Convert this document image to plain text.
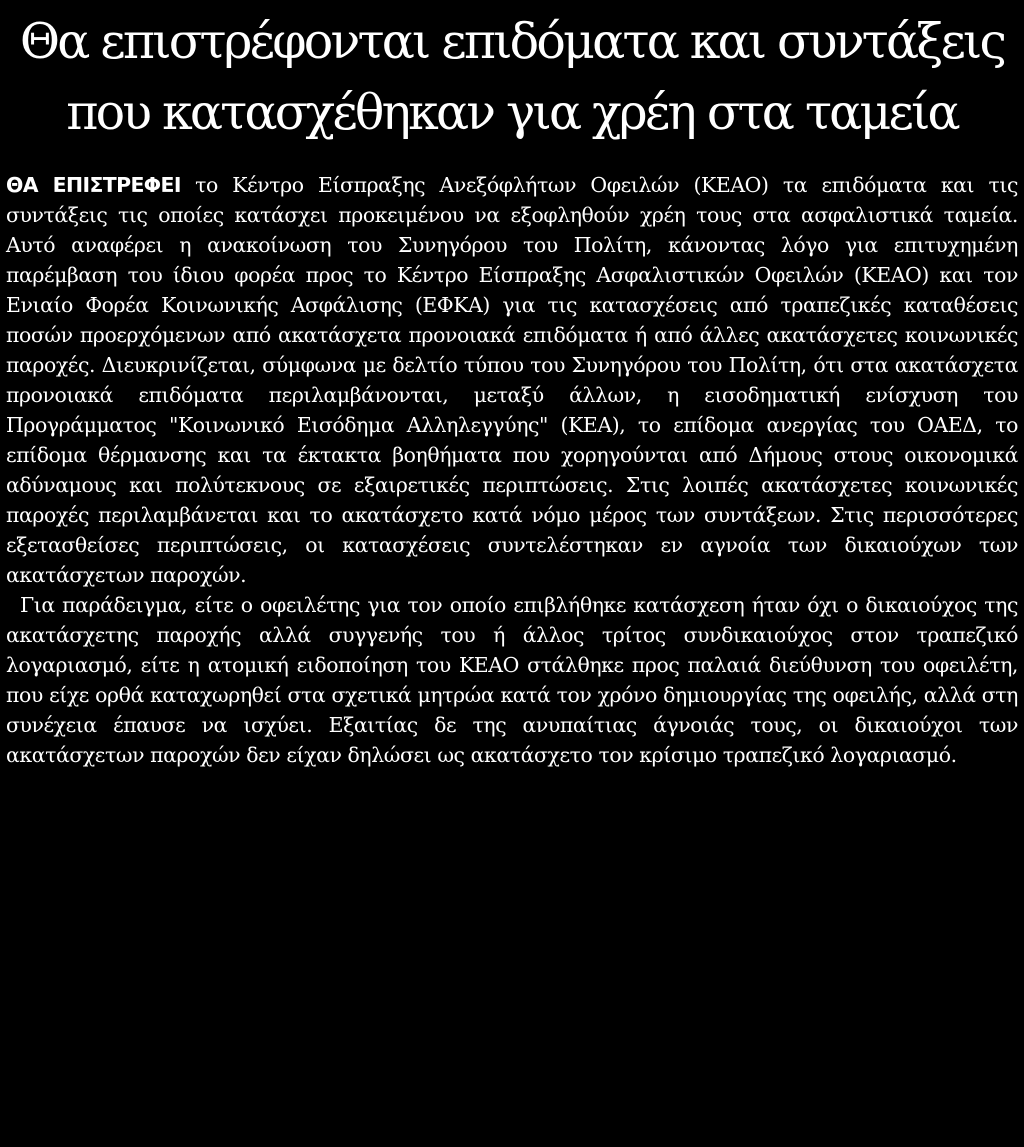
Θα επιστρέφονται επιδόματα και συντάξεις
που κατασχέθηκαν για χρέη στα ταμεία

ΘΑ ΕΠΙΣΤΡΕΦΕΙ το Κέντρο Είσπραξης Ανεξόφλήτων Οφειλών (ΚΕΑΟ) τα επιδόματα και τις συντάξεις τις οποίες κατάσχει προκειμένου να εξοφληθούν χρέη τους στα ασφαλιστικά ταμεία. Αυτό αναφέρει η ανακοίνωση του Συνηγόρου του Πολίτη, κάνοντας λόγο για επιτυχημένη παρέμβαση του ίδιου φορέα προς το Κέντρο Είσπραξης Ασφαλιστικών Οφειλών (ΚΕΑΟ) και τον Ενιαίο Φορέα Κοινωνικής Ασφάλισης (ΕΦΚΑ) για τις κατασχέσεις από τραπεζικές καταθέσεις ποσών προερχόμενων από ακατάσχετα προνοιακά επιδόματα ή από άλλες ακατάσχετες κοινωνικές παροχές. Διευκρινίζεται, σύμφωνα με δελτίο τύπου του Συνηγόρου του Πολίτη, ότι στα ακατάσχετα προνοιακά επιδόματα περιλαμβάνονται, μεταξύ άλλων, η εισοδηματική ενίσχυση του Προγράμματος "Κοινωνικό Εισόδημα Αλληλεγγύης" (ΚΕΑ), το επίδομα ανεργίας του ΟΑΕΔ, το επίδομα θέρμανσης και τα έκτακτα βοηθήματα που χορηγούνται από Δήμους στους οικονομικά αδύναμους και πολύτεκνους σε εξαιρετικές περιπτώσεις. Στις λοιπές ακατάσχετες κοινωνικές παροχές περιλαμβάνεται και το ακατάσχετο κατά νόμο μέρος των συντάξεων. Στις περισσότερες εξετασθείσες περιπτώσεις, οι κατασχέσεις συντελέστηκαν εν αγνοία των δικαιούχων των ακατάσχετων παροχών.

Για παράδειγμα, είτε ο οφειλέτης για τον οποίο επιβλήθηκε κατάσχεση ήταν όχι ο δικαιούχος της ακατάσχετης παροχής αλλά συγγενής του ή άλλος τρίτος συνδικαιούχος στον τραπεζικό λογαριασμό, είτε η ατομική ειδοποίηση του ΚΕΑΟ στάλθηκε προς παλαιά διεύθυνση του οφειλέτη, που είχε ορθά καταχωρηθεί στα σχετικά μητρώα κατά τον χρόνο δημιουργίας της οφειλής, αλλά στη συνέχεια έπαυσε να ισχύει. Εξαιτίας δε της ανυπαίτιας άγνοιάς τους, οι δικαιούχοι των ακατάσχετων παροχών δεν είχαν δηλώσει ως ακατάσχετο τον κρίσιμο τραπεζικό λογαριασμό.
